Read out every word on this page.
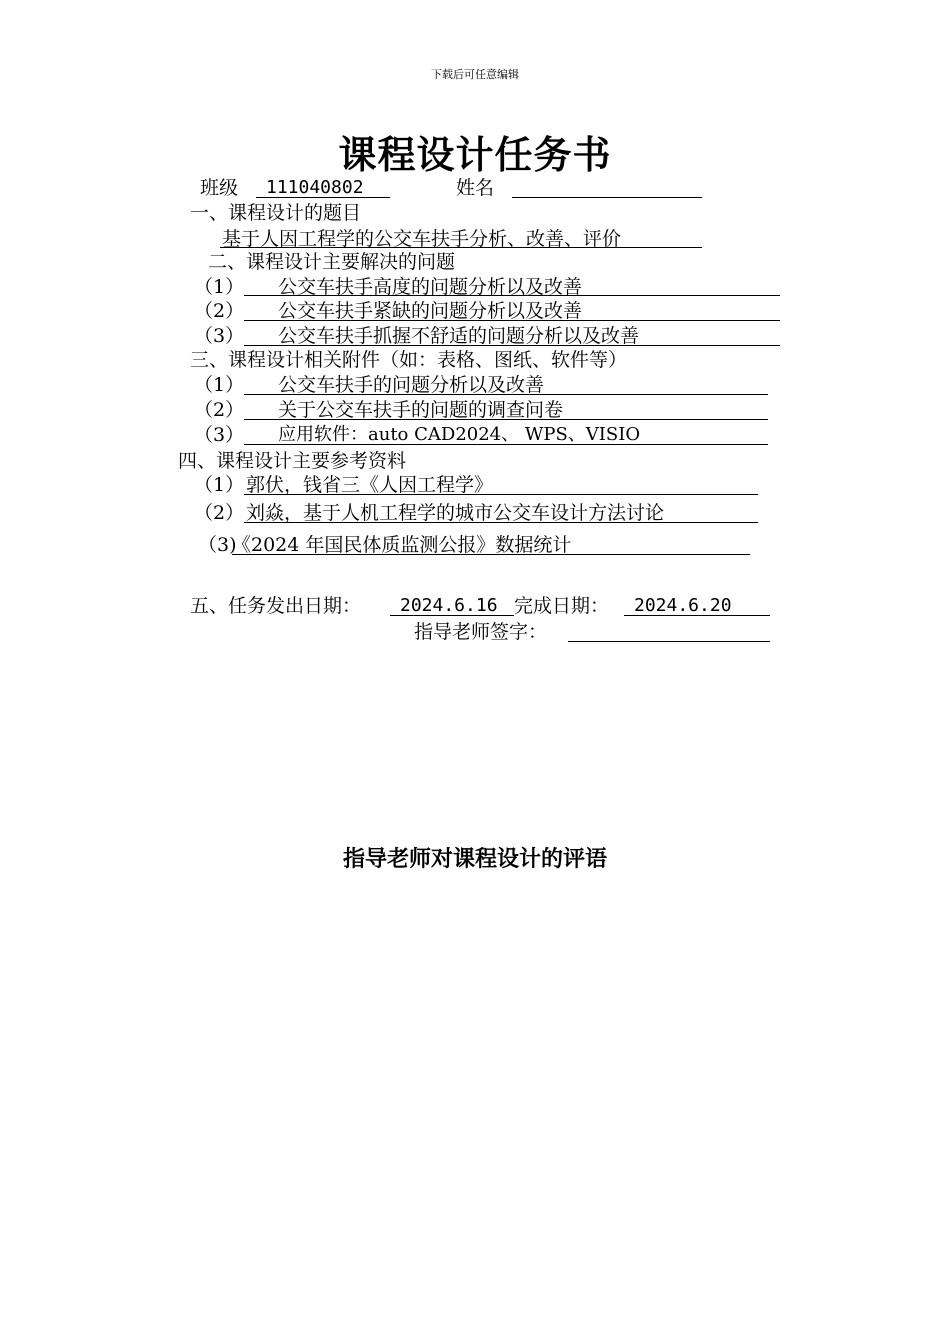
下载后可任意编辑
课程设计任务书
班级 111040802	姓名
一、课程设计的题目
基于人因工程学的公交车扶手分析、改善、评价
二、课程设计主要解决的问题
（1） 公交车扶手高度的问题分析以及改善
（2） 公交车扶手紧缺的问题分析以及改善
（3） 公交车扶手抓握不舒适的问题分析以及改善
三、课程设计相关附件（如：表格、图纸、软件等）
（1） 公交车扶手的问题分析以及改善
（2） 关于公交车扶手的问题的调查问卷
（3） 应用软件：auto CAD2024、 WPS、VISIO
四、课程设计主要参考资料
（1） 郭伏，钱省三《人因工程学》
（2） 刘焱，基于人机工程学的城市公交车设计方法讨论
（3)
《2024 年国民体质监测公报》数据统计
五、任务发出日期： 2024.6.16 完成日期： 2024.6.20
指导老师签字：
指导老师对课程设计的评语
